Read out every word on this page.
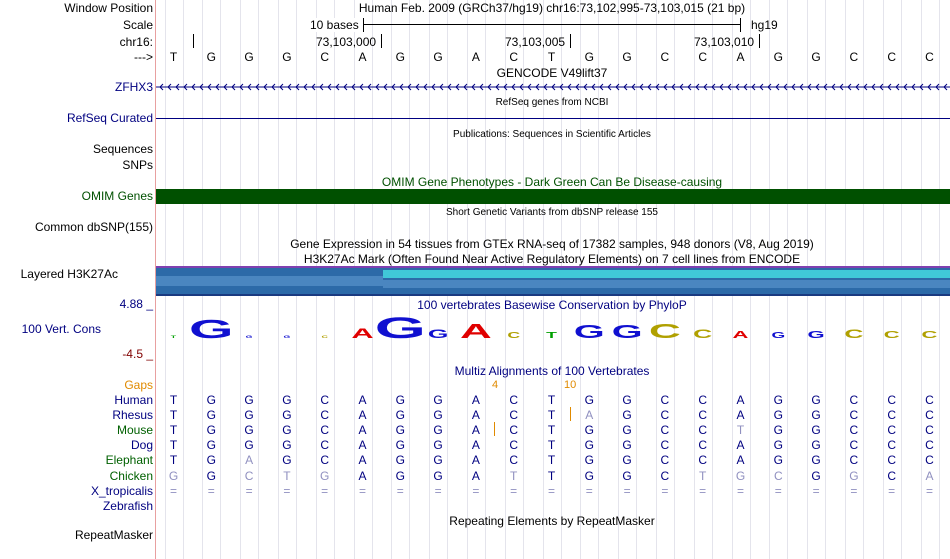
Window Position
Scale
chr16:
--->
ZFHX3
RefSeq Curated
Sequences
SNPs
OMIM Genes
Common dbSNP(155)
Layered H3K27Ac
4.88 _
100 Vert. Cons
-4.5 _
Gaps
Human
Rhesus
Mouse
Dog
Elephant
Chicken
X_tropicalis
Zebrafish
RepeatMasker
Human Feb. 2009 (GRCh37/hg19) chr16:73,102,995-73,103,015 (21 bp)
10 bases	hg19
73,103,000	73,103,005	73,103,010
T G G G C A G G A C T G G C C A G G C C C
GENCODE V49lift37
RefSeq genes from NCBI
Publications: Sequences in Scientific Articles
OMIM Gene Phenotypes - Dark Green Can Be Disease-causing
Short Genetic Variants from dbSNP release 155
Gene Expression in 54 tissues from GTEx RNA-seq of 17382 samples, 948 donors (V8, Aug 2019)
H3K27Ac Mark (Often Found Near Active Regulatory Elements) on 7 cell lines from ENCODE
100 vertebrates Basewise Conservation by PhyloP
T G	G	G	C A G G A C	T G G C C A	G G C C C
Multiz Alignments of 100 Vertebrates
4	10
T G G G C A G G A C T G G C C A G G C C C
T G G G C A G G A C T	A G C C A G G C C C
T G G G C A G G A C T G G C C T G G C C C
T G G G C A G G A C T G G C C A G G C C C
T G A G C A G G A C T G G C C A G G C C C
G G C T G A G G A	T	T G G C T G C G G C A
=	=	=	=	=	=	=	=	=	=	=	=	=	=	=	=	=	=	=	=	=
Repeating Elements by RepeatMasker
